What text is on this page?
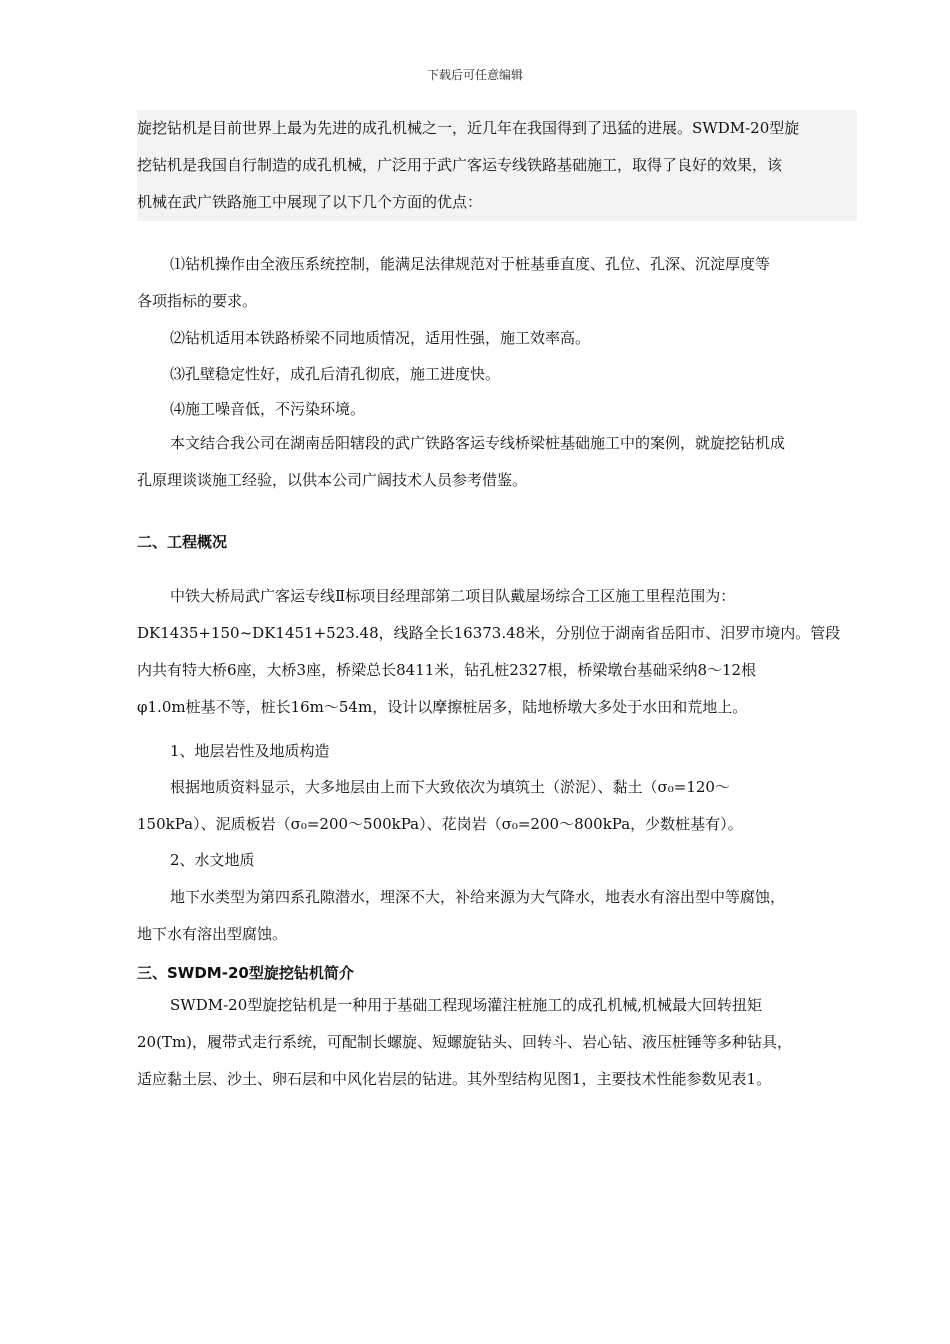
下载后可任意编辑
旋挖钻机是目前世界上最为先进的成孔机械之一，近几年在我国得到了迅猛的进展。SWDM-20型旋
挖钻机是我国自行制造的成孔机械，广泛用于武广客运专线铁路基础施工，取得了良好的效果，该
机械在武广铁路施工中展现了以下几个方面的优点：
⑴钻机操作由全液压系统控制，能满足法律规范对于桩基垂直度、孔位、孔深、沉淀厚度等
各项指标的要求。
⑵钻机适用本铁路桥梁不同地质情况，适用性强，施工效率高。
⑶孔壁稳定性好，成孔后清孔彻底，施工进度快。
⑷施工噪音低，不污染环境。
本文结合我公司在湖南岳阳辖段的武广铁路客运专线桥梁桩基础施工中的案例，就旋挖钻机成
孔原理谈谈施工经验，以供本公司广阔技术人员参考借鉴。
二、工程概况
中铁大桥局武广客运专线Ⅱ标项目经理部第二项目队戴屋场综合工区施工里程范围为：
DK1435+150~DK1451+523.48，线路全长16373.48米，分别位于湖南省岳阳市、汨罗市境内。管段
内共有特大桥6座，大桥3座，桥梁总长8411米，钻孔桩2327根，桥梁墩台基础采纳8～12根
φ1.0m桩基不等，桩长16m～54m，设计以摩擦桩居多，陆地桥墩大多处于水田和荒地上。
1、地层岩性及地质构造
根据地质资料显示，大多地层由上而下大致依次为填筑土（淤泥）、黏土（σ₀=120～
150kPa）、泥质板岩（σ₀=200～500kPa）、花岗岩（σ₀=200～800kPa，少数桩基有）。
2、水文地质
地下水类型为第四系孔隙潜水，埋深不大，补给来源为大气降水，地表水有溶出型中等腐蚀，
地下水有溶出型腐蚀。
三、SWDM-20型旋挖钻机简介
SWDM-20型旋挖钻机是一种用于基础工程现场灌注桩施工的成孔机械,机械最大回转扭矩
20(Tm)，履带式走行系统，可配制长螺旋、短螺旋钻头、回转斗、岩心钻、液压桩锤等多种钻具，
适应黏土层、沙土、卵石层和中风化岩层的钻进。其外型结构见图1，主要技术性能参数见表1。
